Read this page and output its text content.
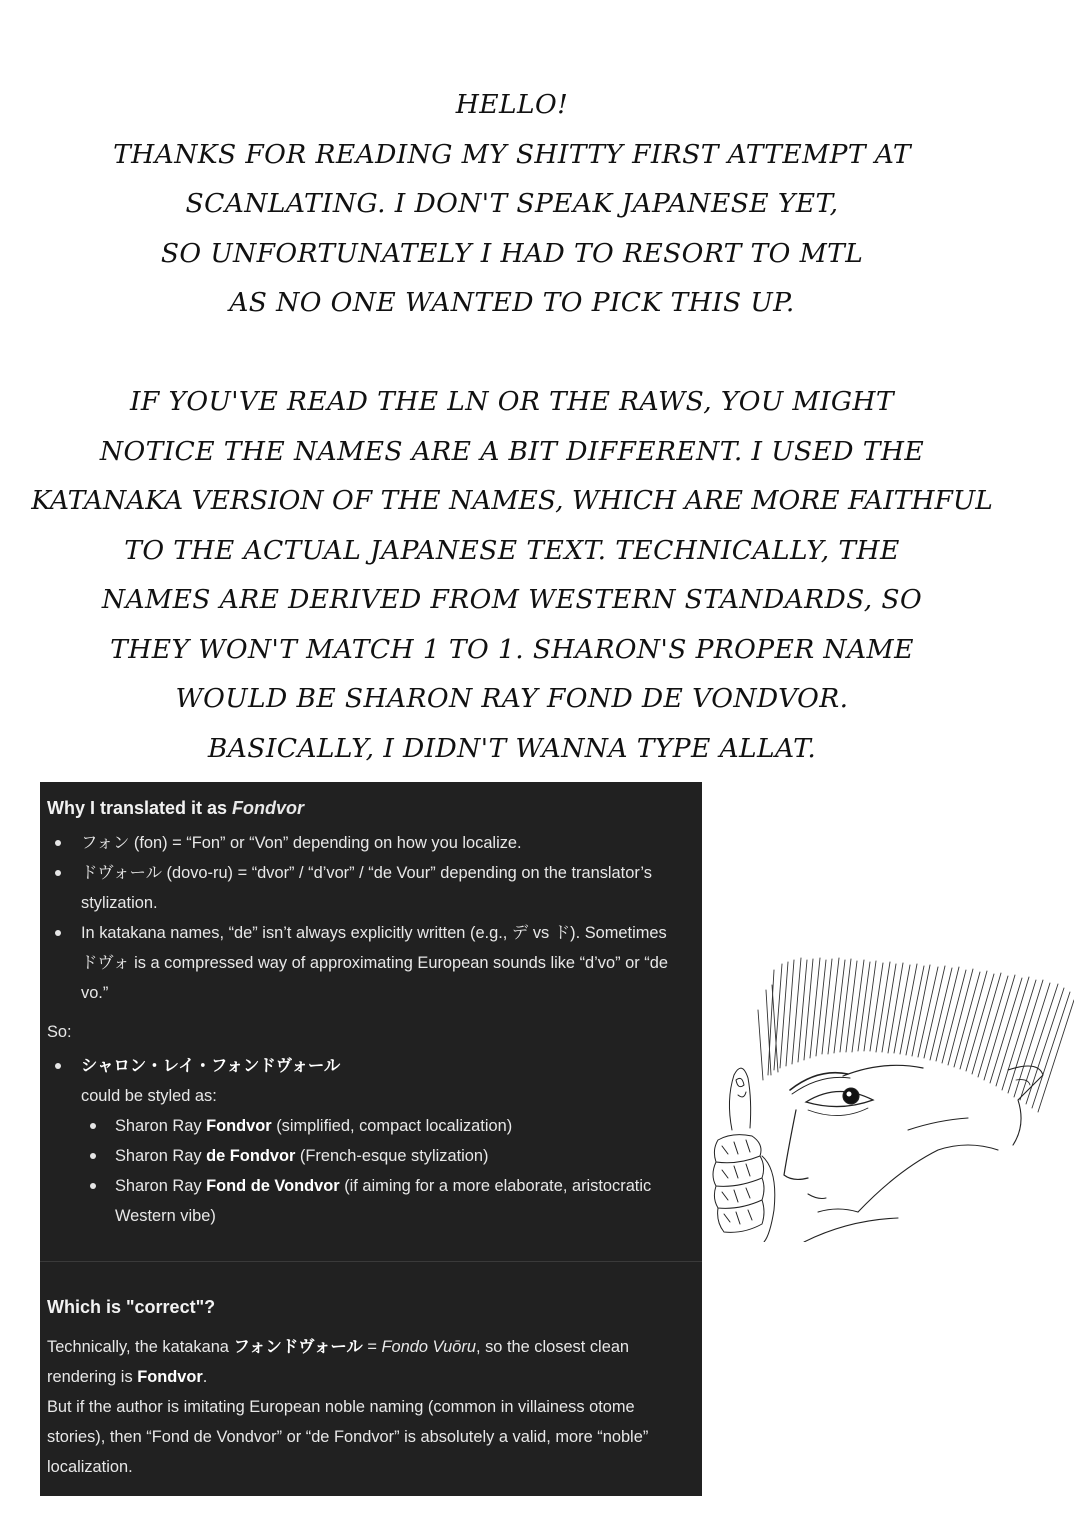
HELLO!
THANKS FOR READING MY SHITTY FIRST ATTEMPT AT
SCANLATING. I DON'T SPEAK JAPANESE YET,
SO UNFORTUNATELY I HAD TO RESORT TO MTL
AS NO ONE WANTED TO PICK THIS UP.
IF YOU'VE READ THE LN OR THE RAWS, YOU MIGHT
NOTICE THE NAMES ARE A BIT DIFFERENT. I USED THE
KATANAKA VERSION OF THE NAMES, WHICH ARE MORE FAITHFUL
TO THE ACTUAL JAPANESE TEXT. TECHNICALLY, THE
NAMES ARE DERIVED FROM WESTERN STANDARDS, SO
THEY WON'T MATCH 1 TO 1. SHARON'S PROPER NAME
WOULD BE SHARON RAY FOND DE VONDVOR.
BASICALLY, I DIDN'T WANNA TYPE ALLAT.
Why I translated it as Fondvor
フォン (fon) = “Fon” or “Von” depending on how you localize.
ドヴォール (dovo-ru) = “dvor” / “d’vor” / “de Vour” depending on the translator’s
stylization.
In katakana names, “de” isn’t always explicitly written (e.g., デ vs ド). Sometimes
ドヴォ is a compressed way of approximating European sounds like “d’vo” or “de
vo.”
So:
シャロン・レイ・フォンドヴォール
could be styled as:
Sharon Ray Fondvor (simplified, compact localization)
Sharon Ray de Fondvor (French-esque stylization)
Sharon Ray Fond de Vondvor (if aiming for a more elaborate, aristocratic
Western vibe)
Which is "correct"?
Technically, the katakana フォンドヴォール = Fondo Vuōru, so the closest clean
rendering is Fondvor.
But if the author is imitating European noble naming (common in villainess otome
stories), then “Fond de Vondvor” or “de Fondvor” is absolutely a valid, more “noble”
localization.
